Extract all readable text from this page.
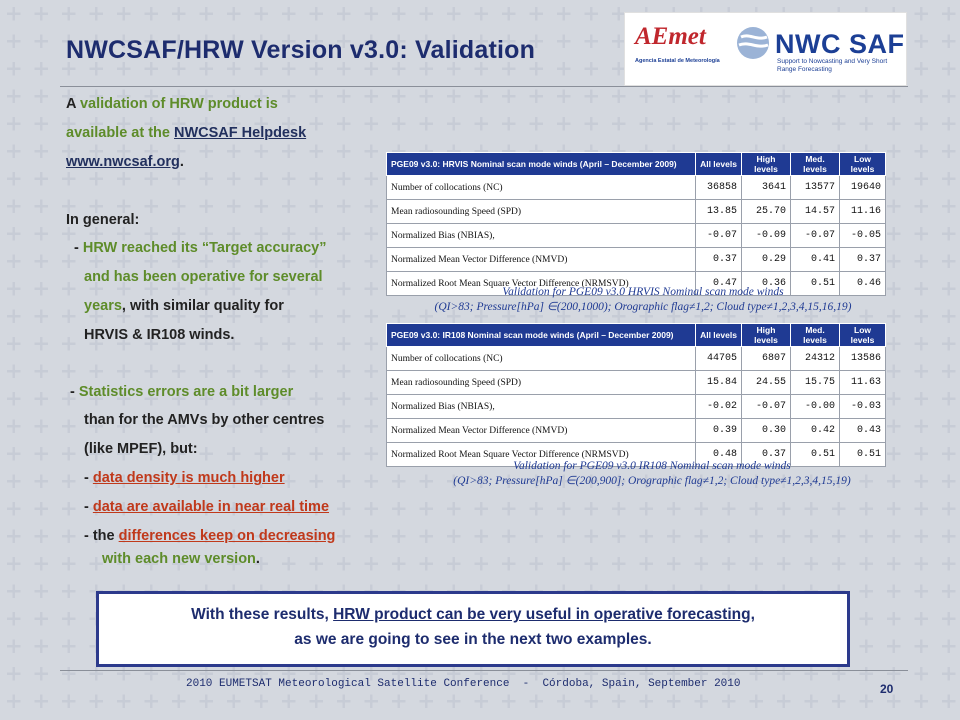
NWCSAF/HRW Version v3.0: Validation	AEmet
Agencia Estatal de Meteorología
NWC SAF
Support to Nowcasting and Very Short Range Forecasting
A validation of HRW product is
available at the NWCSAF Helpdesk
www.nwcsaf.org.
In general:
- HRW reached its “Target accuracy”
and has been operative for several
years, with similar quality for
HRVIS & IR108 winds.
- Statistics errors are a bit larger
than for the AMVs by other centres
(like MPEF), but:
- data density is much higher
- data are available in near real time
- the differences keep on decreasing
with each new version.
PGE09 v3.0: HRVIS Nominal scan mode winds (April – December 2009)	All levels	High levels	Med. levels	Low levels
Number of collocations (NC)	36858	3641	13577	19640
Mean radiosounding Speed (SPD)	13.85	25.70	14.57	11.16
Normalized Bias (NBIAS),	-0.07	-0.09	-0.07	-0.05
Normalized Mean Vector Difference (NMVD)	0.37	0.29	0.41	0.37
Normalized Root Mean Square Vector Difference (NRMSVD)	0.47	0.36	0.51	0.46
Validation for PGE09 v3.0 HRVIS Nominal scan mode winds
(QI>83; Pressure[hPa] ∈(200,1000); Orographic flag≠1,2; Cloud type≠1,2,3,4,15,16,19)
PGE09 v3.0: IR108 Nominal scan mode winds (April – December 2009)	All levels	High levels	Med. levels	Low levels
Number of collocations (NC)	44705	6807	24312	13586
Mean radiosounding Speed (SPD)	15.84	24.55	15.75	11.63
Normalized Bias (NBIAS),	-0.02	-0.07	-0.00	-0.03
Normalized Mean Vector Difference (NMVD)	0.39	0.30	0.42	0.43
Normalized Root Mean Square Vector Difference (NRMSVD)	0.48	0.37	0.51	0.51
Validation for PGE09 v3.0 IR108 Nominal scan mode winds
(QI>83; Pressure[hPa] ∈(200,900]; Orographic flag≠1,2; Cloud type≠1,2,3,4,15,19)
With these results, HRW product can be very useful in operative forecasting,
as we are going to see in the next two examples.
2010 EUMETSAT Meteorological Satellite Conference  -  Córdoba, Spain, September 2010	20
